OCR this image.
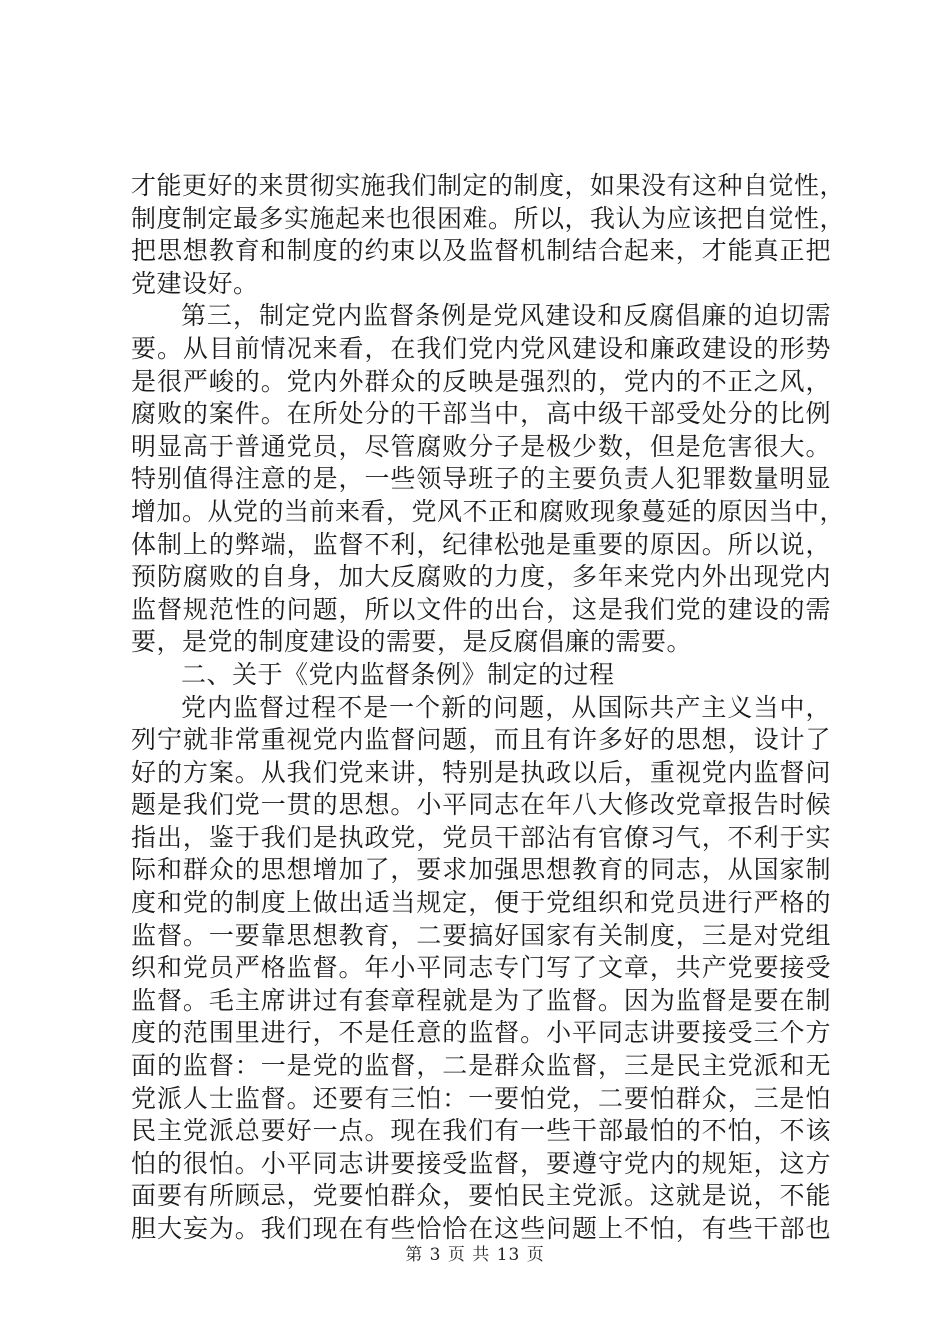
才能更好的来贯彻实施我们制定的制度，如果没有这种自觉性，
制度制定最多实施起来也很困难。所以，我认为应该把自觉性，
把思想教育和制度的约束以及监督机制结合起来，才能真正把
党建设好。
第三，制定党内监督条例是党风建设和反腐倡廉的迫切需
要。从目前情况来看，在我们党内党风建设和廉政建设的形势
是很严峻的。党内外群众的反映是强烈的，党内的不正之风，
腐败的案件。在所处分的干部当中，高中级干部受处分的比例
明显高于普通党员，尽管腐败分子是极少数，但是危害很大。
特别值得注意的是，一些领导班子的主要负责人犯罪数量明显
增加。从党的当前来看，党风不正和腐败现象蔓延的原因当中，
体制上的弊端，监督不利，纪律松弛是重要的原因。所以说，
预防腐败的自身，加大反腐败的力度，多年来党内外出现党内
监督规范性的问题，所以文件的出台，这是我们党的建设的需
要，是党的制度建设的需要，是反腐倡廉的需要。
二、关于《党内监督条例》制定的过程
党内监督过程不是一个新的问题，从国际共产主义当中，
列宁就非常重视党内监督问题，而且有许多好的思想，设计了
好的方案。从我们党来讲，特别是执政以后，重视党内监督问
题是我们党一贯的思想。小平同志在年八大修改党章报告时候
指出，鉴于我们是执政党，党员干部沾有官僚习气，不利于实
际和群众的思想增加了，要求加强思想教育的同志，从国家制
度和党的制度上做出适当规定，便于党组织和党员进行严格的
监督。一要靠思想教育，二要搞好国家有关制度，三是对党组
织和党员严格监督。年小平同志专门写了文章，共产党要接受
监督。毛主席讲过有套章程就是为了监督。因为监督是要在制
度的范围里进行，不是任意的监督。小平同志讲要接受三个方
面的监督：一是党的监督，二是群众监督，三是民主党派和无
党派人士监督。还要有三怕：一要怕党，二要怕群众，三是怕
民主党派总要好一点。现在我们有一些干部最怕的不怕，不该
怕的很怕。小平同志讲要接受监督，要遵守党内的规矩，这方
面要有所顾忌，党要怕群众，要怕民主党派。这就是说，不能
胆大妄为。我们现在有些恰恰在这些问题上不怕，有些干部也
第 3 页 共 13 页
